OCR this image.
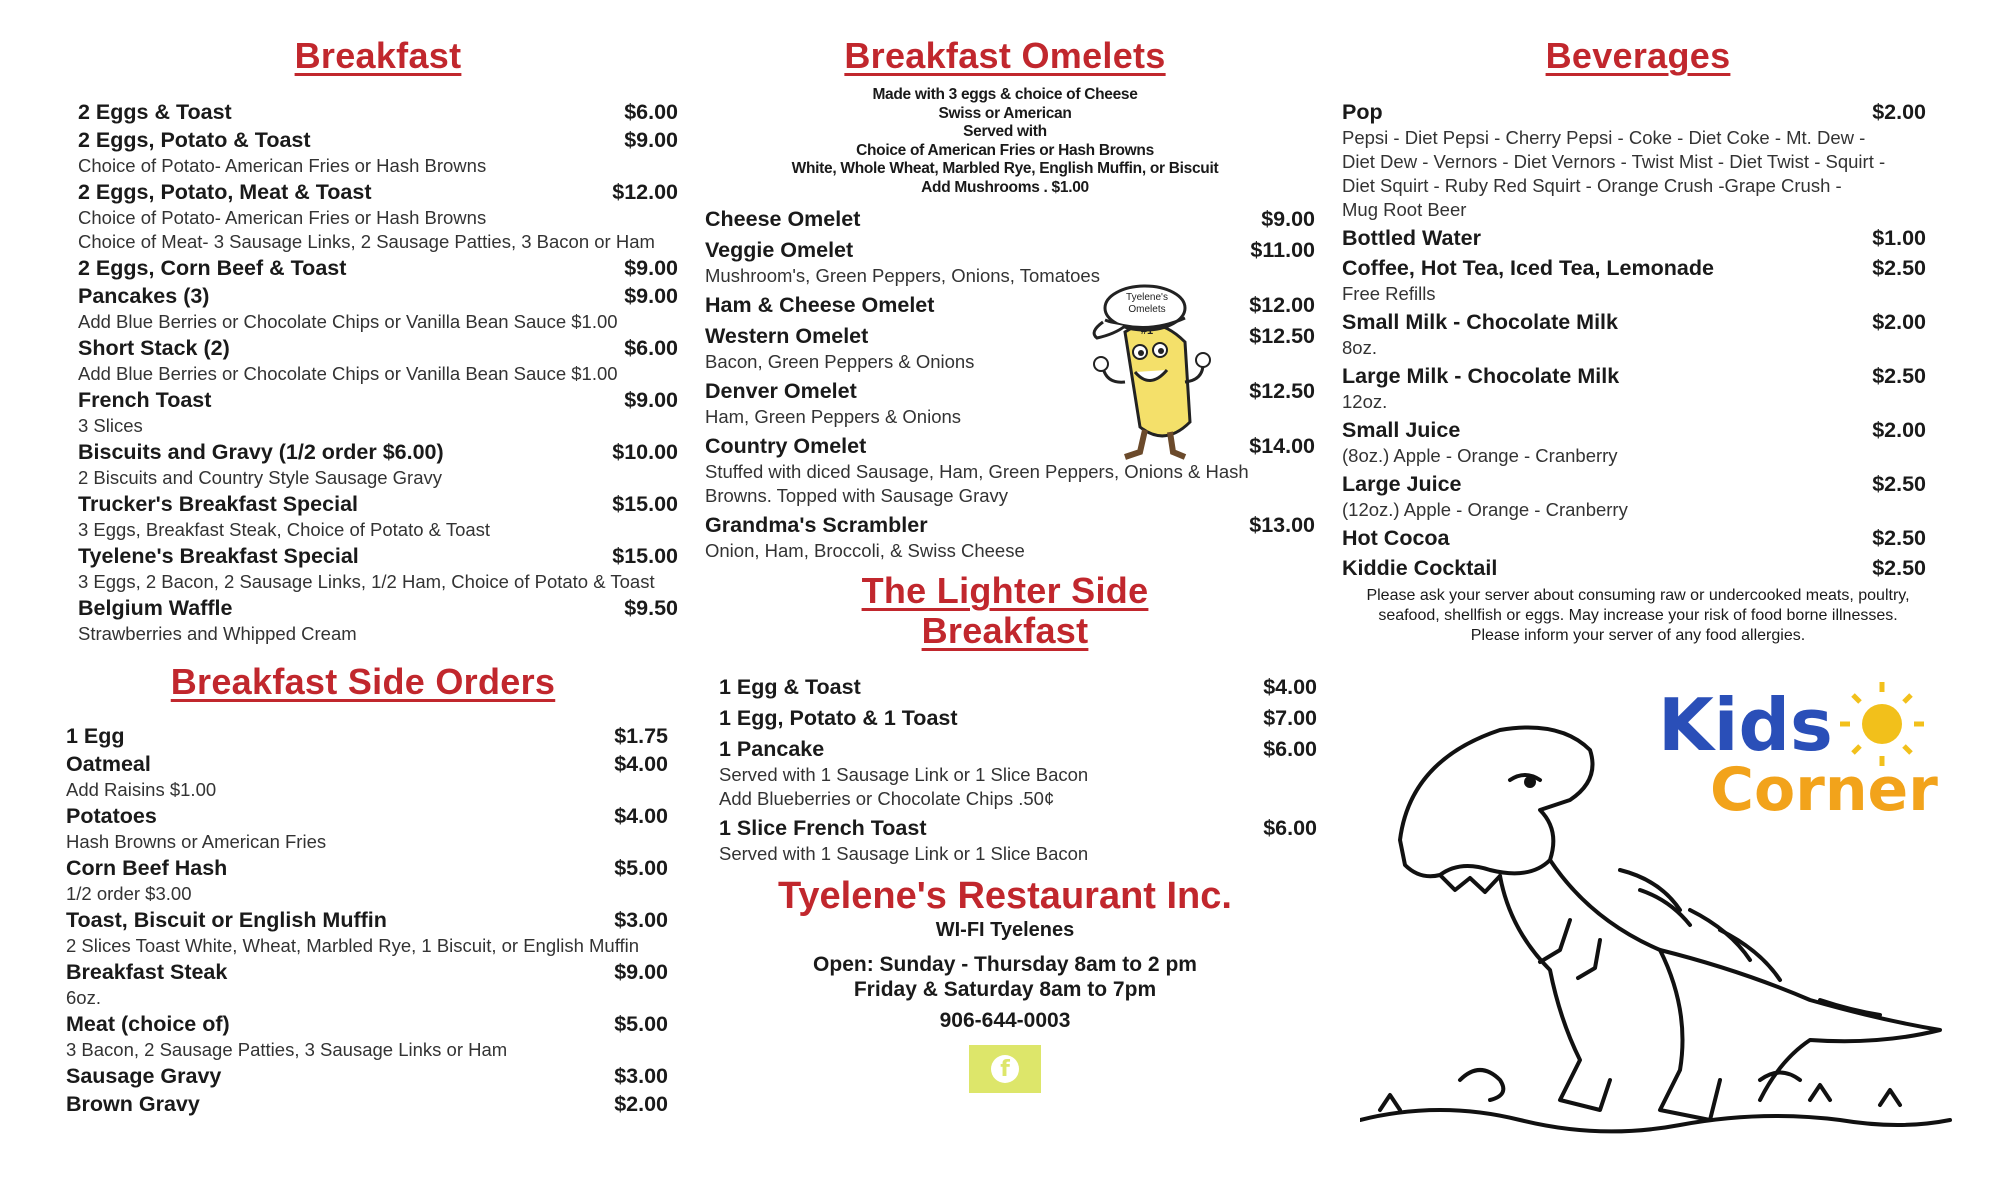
Breakfast
2 Eggs & Toast	$6.00
2 Eggs, Potato & Toast	$9.00
Choice of Potato- American Fries or Hash Browns
2 Eggs, Potato, Meat & Toast	$12.00
Choice of Potato- American Fries or Hash Browns
Choice of Meat- 3 Sausage Links, 2 Sausage Patties, 3 Bacon or Ham
2 Eggs, Corn Beef & Toast	$9.00
Pancakes (3)	$9.00
Add Blue Berries or Chocolate Chips or Vanilla Bean Sauce $1.00
Short Stack (2)	$6.00
Add Blue Berries or Chocolate Chips or Vanilla Bean Sauce $1.00
French Toast	$9.00
3 Slices
Biscuits and Gravy (1/2 order $6.00)	$10.00
2 Biscuits and Country Style Sausage Gravy
Trucker's Breakfast Special	$15.00
3 Eggs, Breakfast Steak, Choice of Potato & Toast
Tyelene's Breakfast Special	$15.00
3 Eggs, 2 Bacon, 2 Sausage Links, 1/2 Ham, Choice of Potato & Toast
Belgium Waffle	$9.50
Strawberries and Whipped Cream
Breakfast Side Orders
1 Egg	$1.75
Oatmeal	$4.00
Add Raisins $1.00
Potatoes	$4.00
Hash Browns or American Fries
Corn Beef Hash	$5.00
1/2 order $3.00
Toast, Biscuit or English Muffin	$3.00
2 Slices Toast White, Wheat, Marbled Rye, 1 Biscuit, or English Muffin
Breakfast Steak	$9.00
6oz.
Meat (choice of)	$5.00
3 Bacon, 2 Sausage Patties, 3 Sausage Links or Ham
Sausage Gravy	$3.00
Brown Gravy	$2.00
Breakfast Omelets
Made with 3 eggs & choice of Cheese
Swiss or American
Served with
Choice of American Fries or Hash Browns
White, Whole Wheat, Marbled Rye, English Muffin, or Biscuit
Add Mushrooms . $1.00
Cheese Omelet	$9.00
Veggie Omelet	$11.00
Mushroom's, Green Peppers, Onions, Tomatoes
Ham & Cheese Omelet	$12.00
Western Omelet	$12.50
Bacon, Green Peppers & Onions
Denver Omelet	$12.50
Ham, Green Peppers & Onions
Country Omelet	$14.00
Stuffed with diced Sausage, Ham, Green Peppers, Onions & Hash
Browns. Topped with Sausage Gravy
Grandma's Scrambler	$13.00
Onion, Ham, Broccoli, & Swiss Cheese
The Lighter Side
Breakfast
1 Egg & Toast	$4.00
1 Egg, Potato & 1 Toast	$7.00
1 Pancake	$6.00
Served with 1 Sausage Link or 1 Slice Bacon
Add Blueberries or Chocolate Chips .50¢
1 Slice French Toast	$6.00
Served with 1 Sausage Link or 1 Slice Bacon
Tyelene's Restaurant Inc.
WI-FI Tyelenes
Open: Sunday - Thursday 8am to 2 pm
Friday & Saturday 8am to 7pm
906-644-0003
f
Tyelene's
Omelets
#1
Beverages
Pop	$2.00
Pepsi - Diet Pepsi - Cherry Pepsi - Coke - Diet Coke - Mt. Dew -
Diet Dew - Vernors - Diet Vernors - Twist Mist - Diet Twist - Squirt -
Diet Squirt - Ruby Red Squirt - Orange Crush -Grape Crush -
Mug Root Beer
Bottled Water	$1.00
Coffee, Hot Tea, Iced Tea, Lemonade	$2.50
Free Refills
Small Milk - Chocolate Milk	$2.00
8oz.
Large Milk - Chocolate Milk	$2.50
12oz.
Small Juice	$2.00
(8oz.) Apple - Orange - Cranberry
Large Juice	$2.50
(12oz.) Apple - Orange - Cranberry
Hot Cocoa	$2.50
Kiddie Cocktail	$2.50
Please ask your server about consuming raw or undercooked meats, poultry,
seafood, shellfish or eggs. May increase your risk of food borne illnesses.
Please inform your server of any food allergies.
Kids
Corner
